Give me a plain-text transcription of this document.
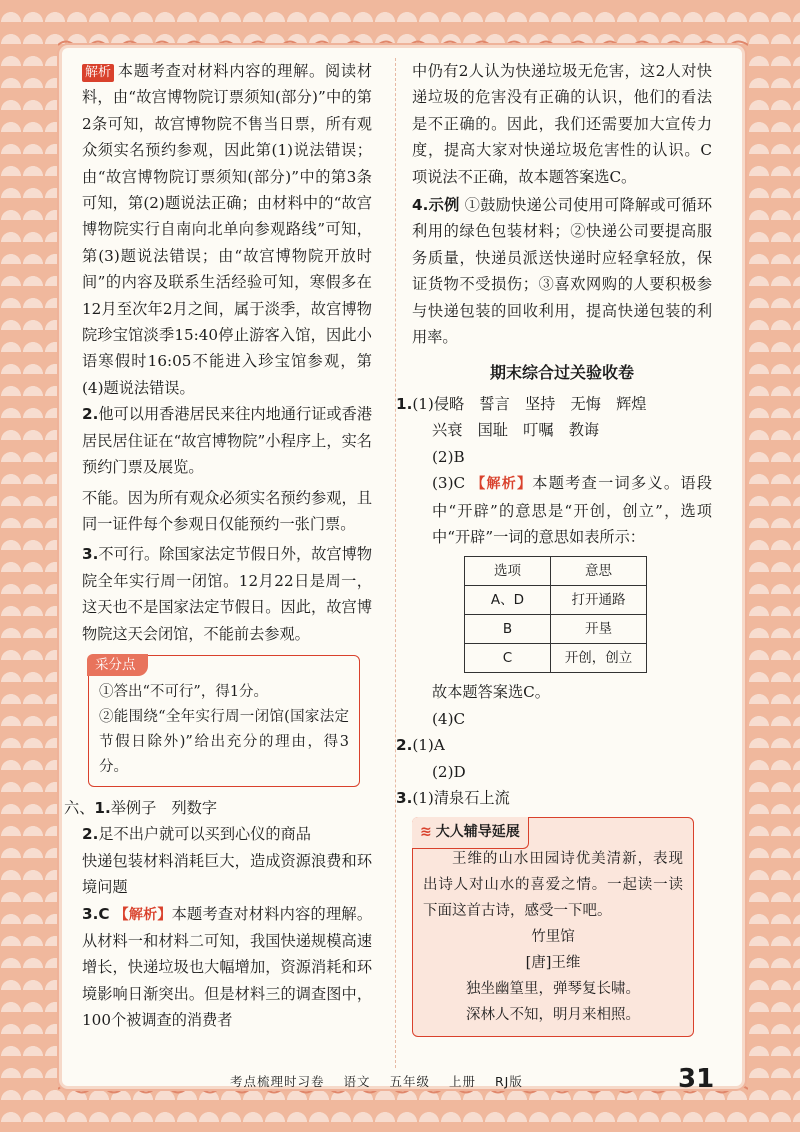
解析 本题考查对材料内容的理解。阅读材料，由“故宫博物院订票须知(部分)”中的第2条可知，故宫博物院不售当日票，所有观众须实名预约参观，因此第(1)说法错误；由“故宫博物院订票须知(部分)”中的第3条可知，第(2)题说法正确；由材料中的“故宫博物院实行自南向北单向参观路线”可知，第(3)题说法错误；由“故宫博物院开放时间”的内容及联系生活经验可知，寒假多在12月至次年2月之间，属于淡季，故宫博物院珍宝馆淡季15:40停止游客入馆，因此小语寒假时16:05不能进入珍宝馆参观，第(4)题说法错误。

2.他可以用香港居民来往内地通行证或香港居民居住证在“故宫博物院”小程序上，实名预约门票及展览。

不能。因为所有观众必须实名预约参观，且同一证件每个参观日仅能预约一张门票。

3.不可行。除国家法定节假日外，故宫博物院全年实行周一闭馆。12月22日是周一，这天也不是国家法定节假日。因此，故宫博物院这天会闭馆，不能前去参观。

采分点

①答出“不可行”，得1分。

②能围绕“全年实行周一闭馆(国家法定节假日除外)”给出充分的理由，得3分。

六、1.举例子　列数字

2.足不出户就可以买到心仪的商品

快递包装材料消耗巨大，造成资源浪费和环境问题

3.C 【解析】本题考查对材料内容的理解。从材料一和材料二可知，我国快递规模高速增长，快递垃圾也大幅增加，资源消耗和环境影响日渐突出。但是材料三的调查图中，100个被调查的消费者

中仍有2人认为快递垃圾无危害，这2人对快递垃圾的危害没有正确的认识，他们的看法是不正确的。因此，我们还需要加大宣传力度，提高大家对快递垃圾危害性的认识。C项说法不正确，故本题答案选C。

4.示例 ①鼓励快递公司使用可降解或可循环利用的绿色包装材料；②快递公司要提高服务质量，快递员派送快递时应轻拿轻放，保证货物不受损伤；③喜欢网购的人要积极参与快递包装的回收利用，提高快递包装的利用率。

期末综合过关验收卷

1.(1)侵略　誓言　坚持　无悔　辉煌

兴衰　国耻　叮嘱　教诲

(2)B

(3)C 【解析】本题考查一词多义。语段中“开辟”的意思是“开创，创立”，选项中“开辟”一词的意思如表所示：

选项	意思
A、D	打开通路
B	开垦
C	开创，创立

故本题答案选C。

(4)C

2.(1)A

(2)D

3.(1)清泉石上流

≋ 大人辅导延展

王维的山水田园诗优美清新，表现出诗人对山水的喜爱之情。一起读一读下面这首古诗，感受一下吧。

竹里馆
[唐]王维
独坐幽篁里，弹琴复长啸。
深林人不知，明月来相照。
考点梳理时习卷 语文 五年级 上册 RJ版	31
